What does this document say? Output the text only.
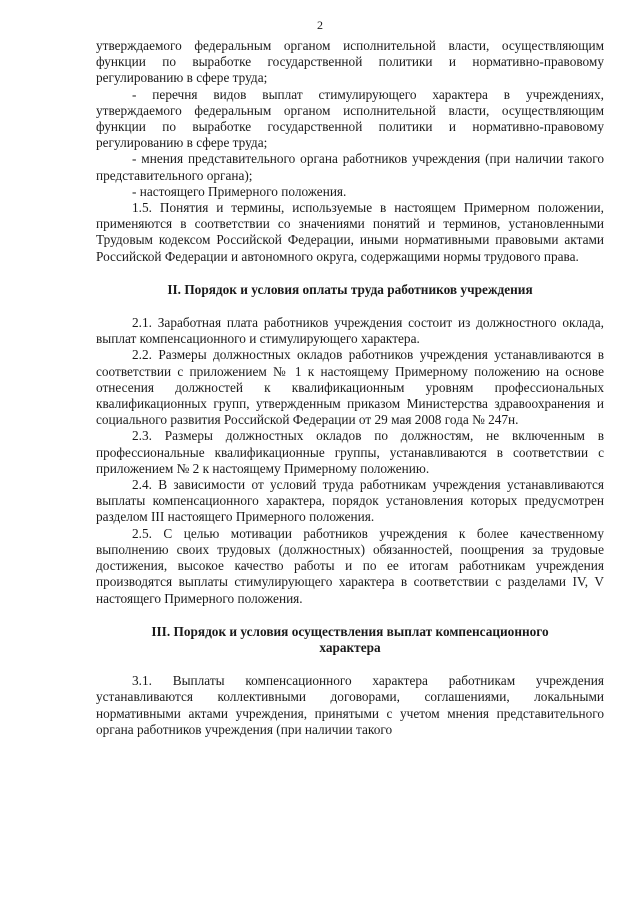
2

утверждаемого федеральным органом исполнительной власти, осуществляющим функции по выработке государственной политики и нормативно-правовому регулированию в сфере труда;

- перечня видов выплат стимулирующего характера в учреждениях, утверждаемого федеральным органом исполнительной власти, осуществляющим функции по выработке государственной политики и нормативно-правовому регулированию в сфере труда;

- мнения представительного органа работников учреждения (при наличии такого представительного органа);

- настоящего Примерного положения.

1.5. Понятия и термины, используемые в настоящем Примерном положении, применяются в соответствии со значениями понятий и терминов, установленными Трудовым кодексом Российской Федерации, иными нормативными правовыми актами Российской Федерации и автономного округа, содержащими нормы трудового права.

II. Порядок и условия оплаты труда работников учреждения

2.1. Заработная плата работников учреждения состоит из должностного оклада, выплат компенсационного и стимулирующего характера.

2.2. Размеры должностных окладов работников учреждения устанавливаются в соответствии с приложением № 1 к настоящему Примерному положению на основе отнесения должностей к квалификационным уровням профессиональных квалификационных групп, утвержденным приказом Министерства здравоохранения и социального развития Российской Федерации от 29 мая 2008 года № 247н.

2.3. Размеры должностных окладов по должностям, не включенным в профессиональные квалификационные группы, устанавливаются в соответствии с приложением № 2 к настоящему Примерному положению.

2.4. В зависимости от условий труда работникам учреждения устанавливаются выплаты компенсационного характера, порядок установления которых предусмотрен разделом III настоящего Примерного положения.

2.5. С целью мотивации работников учреждения к более качественному выполнению своих трудовых (должностных) обязанностей, поощрения за трудовые достижения, высокое качество работы и по ее итогам работникам учреждения производятся выплаты стимулирующего характера в соответствии с разделами IV, V настоящего Примерного положения.

III. Порядок и условия осуществления выплат компенсационного характера

3.1. Выплаты компенсационного характера работникам учреждения устанавливаются коллективными договорами, соглашениями, локальными нормативными актами учреждения, принятыми с учетом мнения представительного органа работников учреждения (при наличии такого
